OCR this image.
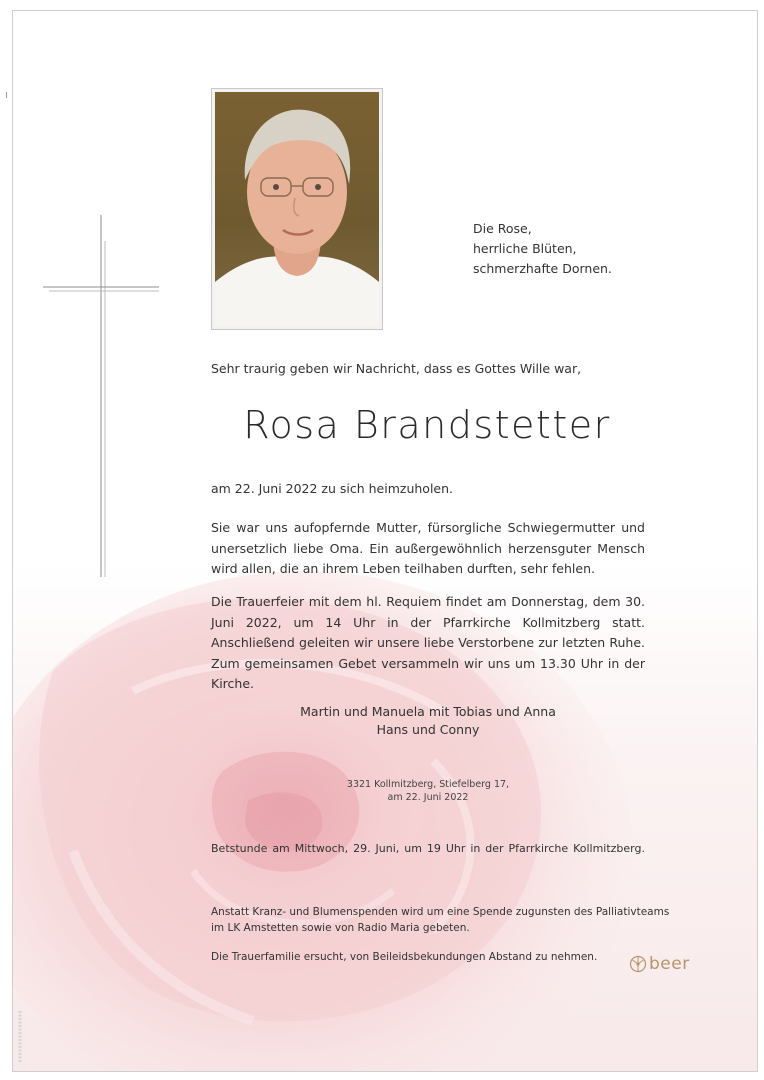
Die Rose,
herrliche Blüten,
schmerzhafte Dornen.
Sehr traurig geben wir Nachricht, dass es Gottes Wille war,
Rosa Brandstetter
am 22. Juni 2022 zu sich heimzuholen.
Sie war uns aufopfernde Mutter, fürsorgliche Schwiegermutter und unersetzlich liebe Oma. Ein außergewöhnlich herzensguter Mensch wird allen, die an ihrem Leben teilhaben durften, sehr fehlen.
Die Trauerfeier mit dem hl. Requiem findet am Donnerstag, dem 30. Juni 2022, um 14 Uhr in der Pfarrkirche Kollmitzberg statt. Anschließend geleiten wir unsere liebe Verstorbene zur letzten Ruhe. Zum gemeinsamen Gebet versammeln wir uns um 13.30 Uhr in der Kirche.
Martin und Manuela mit Tobias und Anna
Hans und Conny
3321 Kollmitzberg, Stiefelberg 17,
am 22. Juni 2022
Betstunde am Mittwoch, 29. Juni, um 19 Uhr in der Pfarrkirche Kollmitzberg.
Anstatt Kranz- und Blumenspenden wird um eine Spende zugunsten des Palliativteams
im LK Amstetten sowie von Radio Maria gebeten.
Die Trauerfamilie ersucht, von Beileidsbekundungen Abstand zu nehmen.	beer
